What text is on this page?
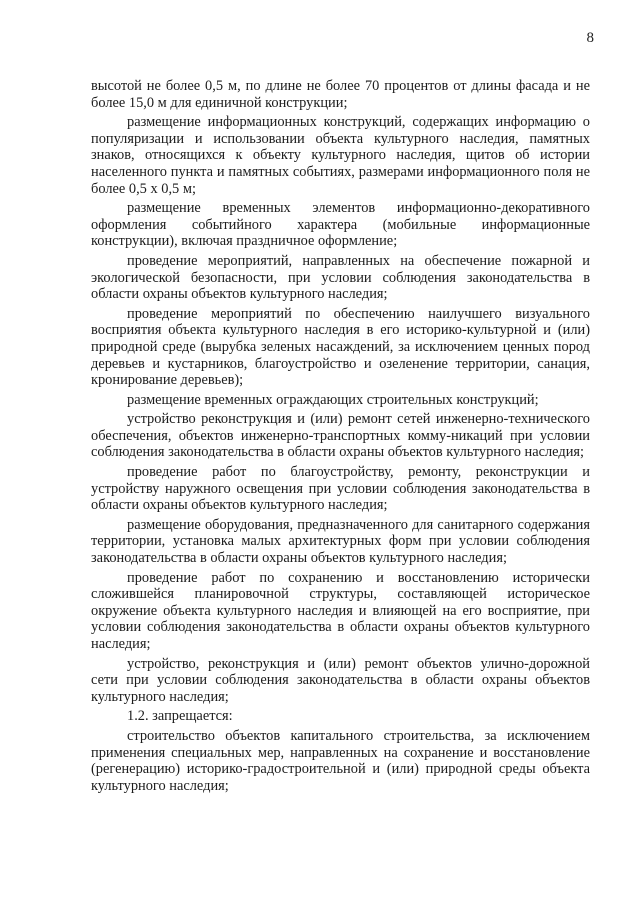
8

высотой не более 0,5 м, по длине не более 70 процентов от длины фасада и не более 15,0 м для единичной конструкции;

размещение информационных конструкций, содержащих информацию о популяризации и использовании объекта культурного наследия, памятных знаков, относящихся к объекту культурного наследия, щитов об истории населенного пункта и памятных событиях, размерами информационного поля не более 0,5 х 0,5 м;

размещение временных элементов информационно-декоративного оформления событийного характера (мобильные информационные конструкции), включая праздничное оформление;

проведение мероприятий, направленных на обеспечение пожарной и экологической безопасности, при условии соблюдения законодательства в области охраны объектов культурного наследия;

проведение мероприятий по обеспечению наилучшего визуального восприятия объекта культурного наследия в его историко-культурной и (или) природной среде (вырубка зеленых насаждений, за исключением ценных пород деревьев и кустарников, благоустройство и озеленение территории, санация, кронирование деревьев);

размещение временных ограждающих строительных конструкций;

устройство реконструкция и (или) ремонт сетей инженерно-технического обеспечения, объектов инженерно-транспортных комму-никаций при условии соблюдения законодательства в области охраны объектов культурного наследия;

проведение работ по благоустройству, ремонту, реконструкции и устройству наружного освещения при условии соблюдения законодательства в области охраны объектов культурного наследия;

размещение оборудования, предназначенного для санитарного содержания территории, установка малых архитектурных форм при условии соблюдения законодательства в области охраны объектов культурного наследия;

проведение работ по сохранению и восстановлению исторически сложившейся планировочной структуры, составляющей историческое окружение объекта культурного наследия и влияющей на его восприятие, при условии соблюдения законодательства в области охраны объектов культурного наследия;

устройство, реконструкция и (или) ремонт объектов улично-дорожной сети при условии соблюдения законодательства в области охраны объектов культурного наследия;

1.2. запрещается:

строительство объектов капитального строительства, за исключением применения специальных мер, направленных на сохранение и восстановление (регенерацию) историко-градостроительной и (или) природной среды объекта культурного наследия;
